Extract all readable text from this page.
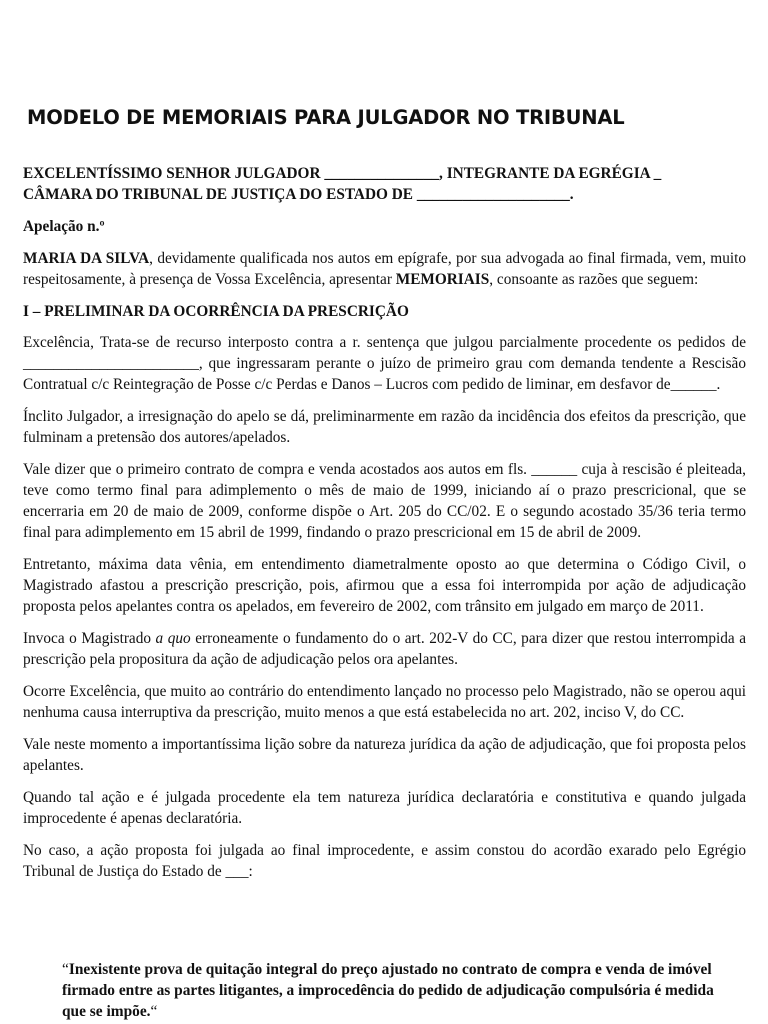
MODELO DE MEMORIAIS PARA JULGADOR NO TRIBUNAL

EXCELENTÍSSIMO SENHOR JULGADOR _______________, INTEGRANTE DA EGRÉGIA _
CÂMARA DO TRIBUNAL DE JUSTIÇA DO ESTADO DE ____________________.

Apelação n.º

MARIA DA SILVA, devidamente qualificada nos autos em epígrafe, por sua advogada ao final firmada, vem, muito respeitosamente, à presença de Vossa Excelência, apresentar MEMORIAIS, consoante as razões que seguem:

I – PRELIMINAR DA OCORRÊNCIA DA PRESCRIÇÃO

Excelência, Trata-se de recurso interposto contra a r. sentença que julgou parcialmente procedente os pedidos de _______________________, que ingressaram perante o juízo de primeiro grau com demanda tendente a Rescisão Contratual c/c Reintegração de Posse c/c Perdas e Danos – Lucros com pedido de liminar, em desfavor de______.

Ínclito Julgador, a irresignação do apelo se dá, preliminarmente em razão da incidência dos efeitos da prescrição, que fulminam a pretensão dos autores/apelados.

Vale dizer que o primeiro contrato de compra e venda acostados aos autos em fls. ______ cuja à rescisão é pleiteada, teve como termo final para adimplemento o mês de maio de 1999, iniciando aí o prazo prescricional, que se encerraria em 20 de maio de 2009, conforme dispõe o Art. 205 do CC/02. E o segundo acostado 35/36 teria termo final para adimplemento em 15 abril de 1999, findando o prazo prescricional em 15 de abril de 2009.

Entretanto, máxima data vênia, em entendimento diametralmente oposto ao que determina o Código Civil, o Magistrado afastou a prescrição prescrição, pois, afirmou que a essa foi interrompida por ação de adjudicação proposta pelos apelantes contra os apelados, em fevereiro de 2002, com trânsito em julgado em março de 2011.

Invoca o Magistrado a quo erroneamente o fundamento do o art. 202-V do CC, para dizer que restou interrompida a prescrição pela propositura da ação de adjudicação pelos ora apelantes.

Ocorre Excelência, que muito ao contrário do entendimento lançado no processo pelo Magistrado, não se operou aqui nenhuma causa interruptiva da prescrição, muito menos a que está estabelecida no art. 202, inciso V, do CC.

Vale neste momento a importantíssima lição sobre da natureza jurídica da ação de adjudicação, que foi proposta pelos apelantes.

Quando tal ação e é julgada procedente ela tem natureza jurídica declaratória e constitutiva e quando julgada improcedente é apenas declaratória.

No caso, a ação proposta foi julgada ao final improcedente, e assim constou do acordão exarado pelo Egrégio Tribunal de Justiça do Estado de ___:

“Inexistente prova de quitação integral do preço ajustado no contrato de compra e venda de imóvel firmado entre as partes litigantes, a improcedência do pedido de adjudicação compulsória é medida que se impõe.“
